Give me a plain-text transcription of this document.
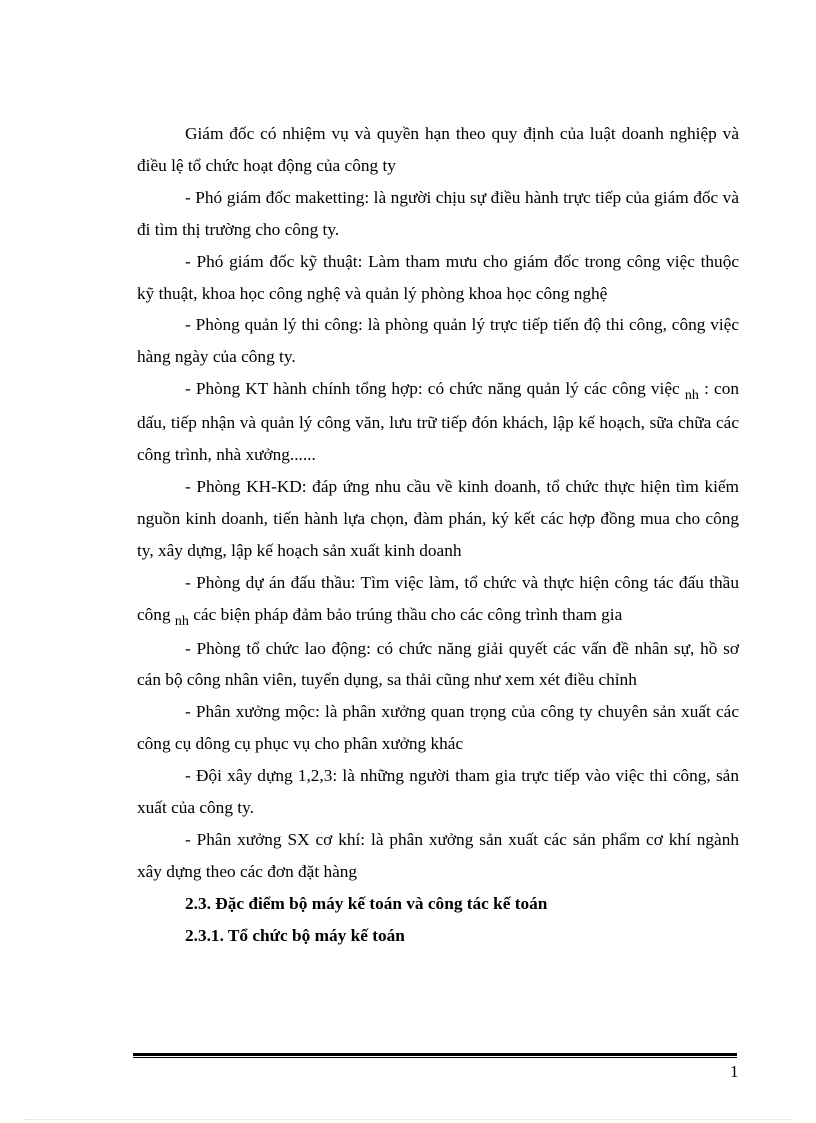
Giám đốc có nhiệm vụ và quyền hạn theo quy định của luật doanh nghiệp và điều lệ tổ chức hoạt động của công ty

- Phó giám đốc maketting: là người chịu sự điều hành trực tiếp của giám đốc và đi tìm thị trường cho công ty.

- Phó giám đốc kỹ thuật: Làm tham mưu cho giám đốc trong công việc thuộc kỹ thuật, khoa học công nghệ và quản lý phòng khoa học công nghệ

- Phòng quản lý thi công: là phòng quản lý trực tiếp tiến độ thi công, công việc hàng ngày của công ty.

- Phòng KT hành chính tổng hợp: có chức năng quản lý các công việc $_{nh}$ : con dấu, tiếp nhận và quản lý công văn, lưu trữ tiếp đón khách, lập kế hoạch, sữa chữa các công trình, nhà xưởng......

- Phòng KH-KD: đáp ứng nhu cầu về kinh doanh, tổ chức thực hiện tìm kiếm nguồn kinh doanh, tiến hành lựa chọn, đàm phán, ký kết các hợp đồng mua cho công ty, xây dựng, lập kế hoạch sản xuất kinh doanh

- Phòng dự án đấu thầu: Tìm việc làm, tổ chức và thực hiện công tác đấu thầu công $_{nh}$ các biện pháp đảm bảo trúng thầu cho các công trình tham gia

- Phòng tổ chức lao động: có chức năng giải quyết các vấn đề nhân sự, hồ sơ cán bộ công nhân viên, tuyển dụng, sa thải cũng như xem xét điều chỉnh

- Phân xưởng mộc: là phân xưởng quan trọng của công ty chuyên sản xuất các công cụ dông cụ phục vụ cho phân xưởng khác

- Đội xây dựng 1,2,3: là những người tham gia trực tiếp vào việc thi công, sản xuất của công ty.

- Phân xưởng SX cơ khí: là phân xưởng sản xuất các sản phẩm cơ khí ngành xây dựng theo các đơn đặt hàng

2.3. Đặc điểm bộ máy kế toán và công tác kế toán

2.3.1. Tổ chức bộ máy kế toán

1
